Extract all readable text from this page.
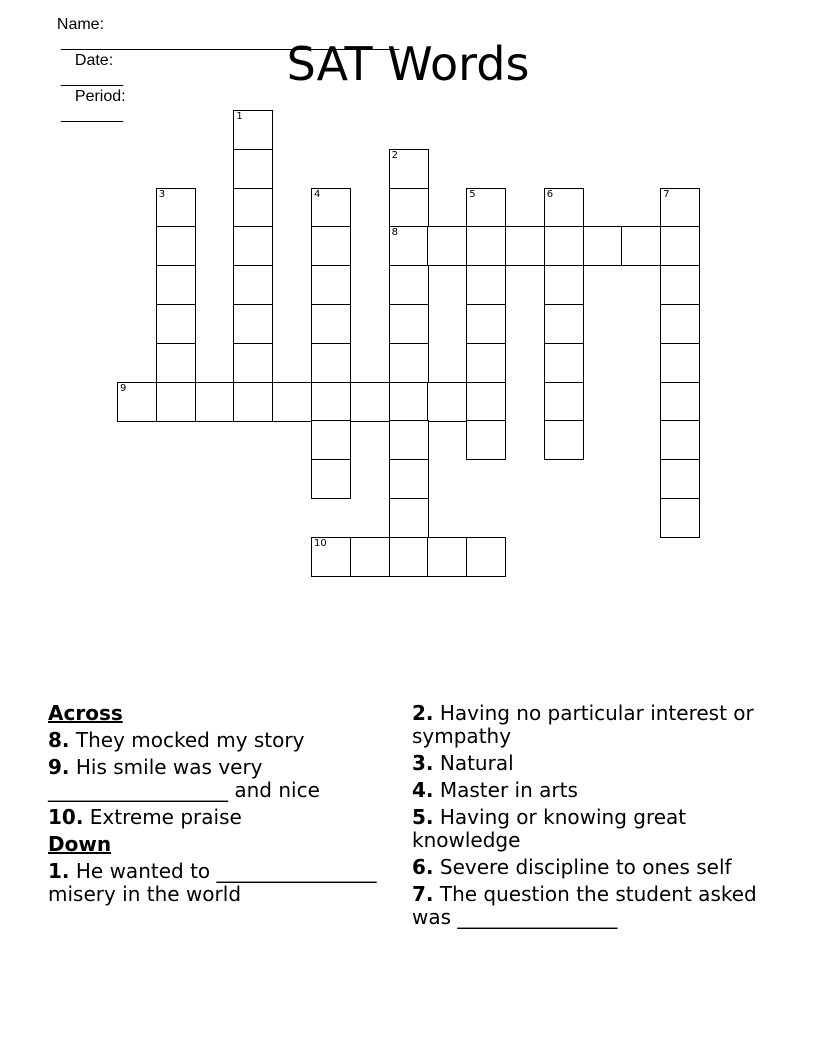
Name:
______________________________________
Date:
_______
Period:
_______

SAT Words
1
2
3	4	5	6	7
8
9
10
Across
8. They mocked my story
9. His smile was very __________________ and nice
10. Extreme praise
Down
1. He wanted to ________________ misery in the world
2. Having no particular interest or sympathy
3. Natural
4. Master in arts
5. Having or knowing great knowledge
6. Severe discipline to ones self
7. The question the student asked was ________________
